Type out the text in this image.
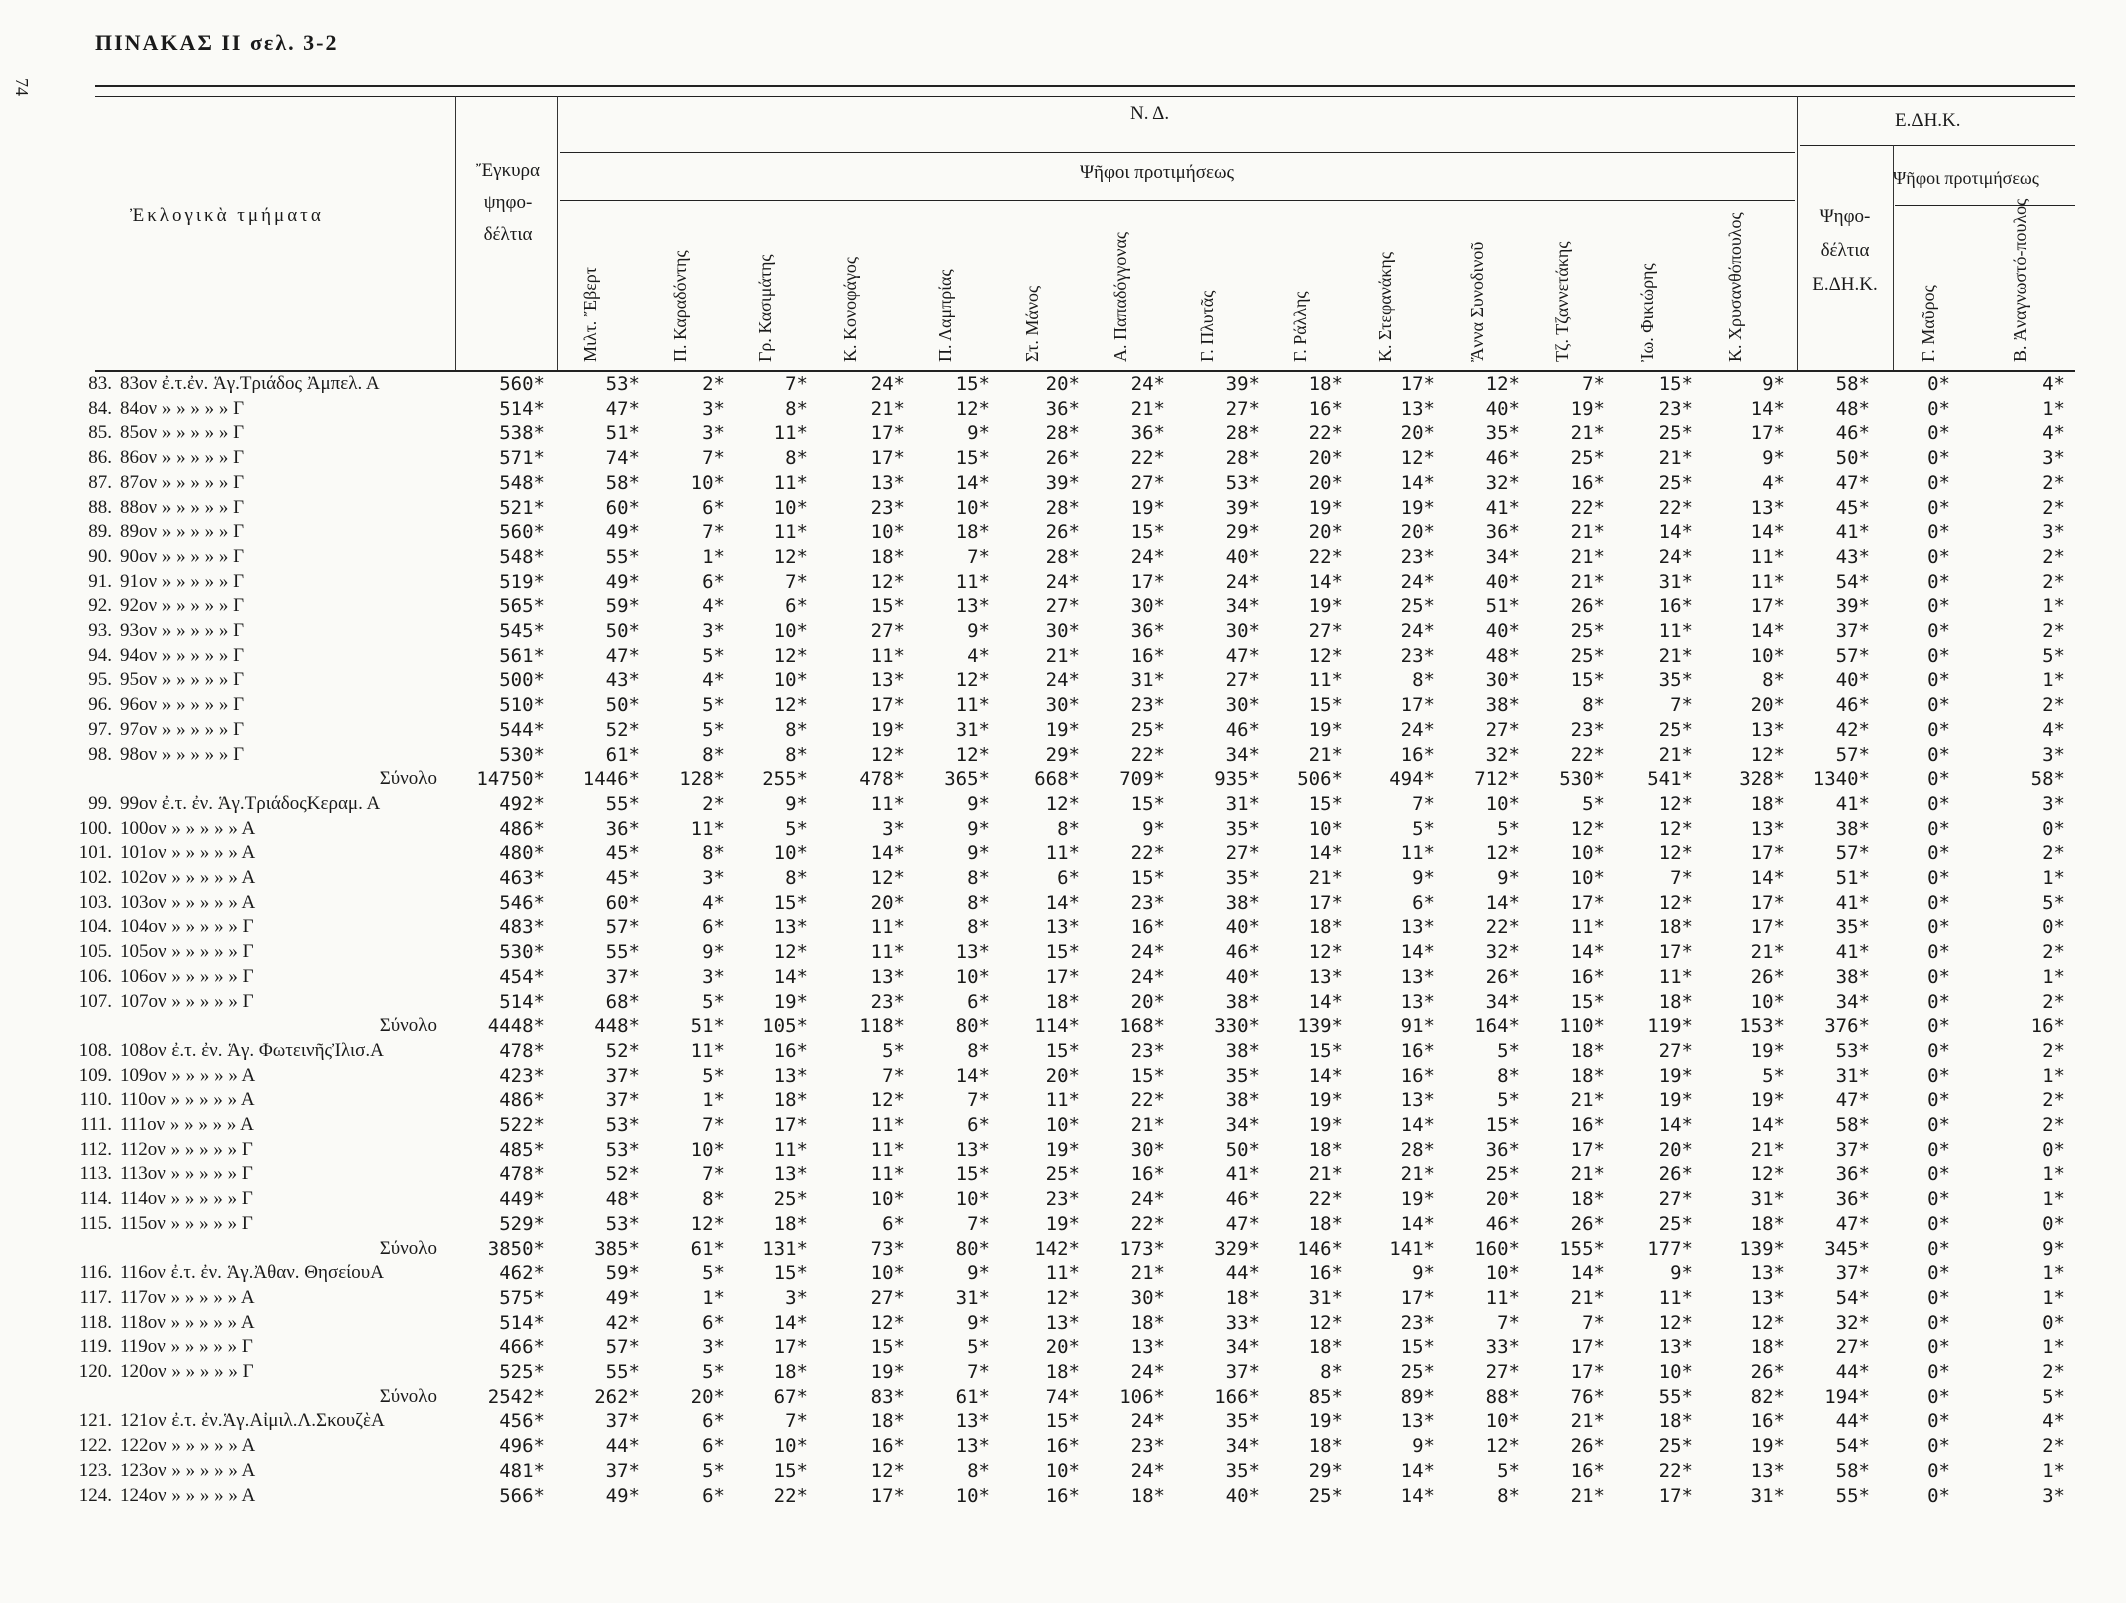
ΠΙΝΑΚΑΣ ΙΙ σελ. 3-2
74
Ἐκλογικὰ τμήματα
Ἔγκυρα ψηφο-δέλτια
Ν. Δ.
Ψῆφοι προτιμήσεως
Ε.ΔΗ.Κ.
Ψηφο-δέλτια Ε.ΔΗ.Κ.
Ψῆφοι προτιμήσεως
Μιλτ. Ἔβερτ	Π. Καραδόντης	Γρ. Κασιμάτης	Κ. Κονοφάγος	Π. Λαμπρίας	Στ. Μάνος	Α. Παπαδόγγονας	Γ. Πλυτᾶς	Γ. Ράλλης	Κ. Στεφανάκης	Ἄννα Συνοδινοῦ	Τζ. Τζαννετάκης	Ἰω. Φικιώρης	Κ. Χρυσανθόπουλος	Γ. Μαῦρος	Β. Ἀναγνωστό-πουλος
83. 83ον ἐ.τ.ἐν. Ἁγ.Τριάδος Ἀμπελ. Α	560*	53*	2*	7*	24*	15*	20*	24*	39*	18*	17*	12*	7*	15*	9*	58*	0*	4*
84. 84ον » » » » » Γ	514*	47*	3*	8*	21*	12*	36*	21*	27*	16*	13*	40*	19*	23*	14*	48*	0*	1*
85. 85ον » » » » » Γ	538*	51*	3*	11*	17*	9*	28*	36*	28*	22*	20*	35*	21*	25*	17*	46*	0*	4*
86. 86ον » » » » » Γ	571*	74*	7*	8*	17*	15*	26*	22*	28*	20*	12*	46*	25*	21*	9*	50*	0*	3*
87. 87ον » » » » » Γ	548*	58*	10*	11*	13*	14*	39*	27*	53*	20*	14*	32*	16*	25*	4*	47*	0*	2*
88. 88ον » » » » » Γ	521*	60*	6*	10*	23*	10*	28*	19*	39*	19*	19*	41*	22*	22*	13*	45*	0*	2*
89. 89ον » » » » » Γ	560*	49*	7*	11*	10*	18*	26*	15*	29*	20*	20*	36*	21*	14*	14*	41*	0*	3*
90. 90ον » » » » » Γ	548*	55*	1*	12*	18*	7*	28*	24*	40*	22*	23*	34*	21*	24*	11*	43*	0*	2*
91. 91ον » » » » » Γ	519*	49*	6*	7*	12*	11*	24*	17*	24*	14*	24*	40*	21*	31*	11*	54*	0*	2*
92. 92ον » » » » » Γ	565*	59*	4*	6*	15*	13*	27*	30*	34*	19*	25*	51*	26*	16*	17*	39*	0*	1*
93. 93ον » » » » » Γ	545*	50*	3*	10*	27*	9*	30*	36*	30*	27*	24*	40*	25*	11*	14*	37*	0*	2*
94. 94ον » » » » » Γ	561*	47*	5*	12*	11*	4*	21*	16*	47*	12*	23*	48*	25*	21*	10*	57*	0*	5*
95. 95ον » » » » » Γ	500*	43*	4*	10*	13*	12*	24*	31*	27*	11*	8*	30*	15*	35*	8*	40*	0*	1*
96. 96ον » » » » » Γ	510*	50*	5*	12*	17*	11*	30*	23*	30*	15*	17*	38*	8*	7*	20*	46*	0*	2*
97. 97ον » » » » » Γ	544*	52*	5*	8*	19*	31*	19*	25*	46*	19*	24*	27*	23*	25*	13*	42*	0*	4*
98. 98ον » » » » » Γ	530*	61*	8*	8*	12*	12*	29*	22*	34*	21*	16*	32*	22*	21*	12*	57*	0*	3*
Σύνολο	14750*	1446*	128*	255*	478*	365*	668*	709*	935*	506*	494*	712*	530*	541*	328*	1340*	0*	58*
99. 99ον ἐ.τ. ἐν. Ἁγ.ΤριάδοςΚεραμ. Α	492*	55*	2*	9*	11*	9*	12*	15*	31*	15*	7*	10*	5*	12*	18*	41*	0*	3*
100. 100ον » » » » » Α	486*	36*	11*	5*	3*	9*	8*	9*	35*	10*	5*	5*	12*	12*	13*	38*	0*	0*
101. 101ον » » » » » Α	480*	45*	8*	10*	14*	9*	11*	22*	27*	14*	11*	12*	10*	12*	17*	57*	0*	2*
102. 102ον » » » » » Α	463*	45*	3*	8*	12*	8*	6*	15*	35*	21*	9*	9*	10*	7*	14*	51*	0*	1*
103. 103ον » » » » » Α	546*	60*	4*	15*	20*	8*	14*	23*	38*	17*	6*	14*	17*	12*	17*	41*	0*	5*
104. 104ον » » » » » Γ	483*	57*	6*	13*	11*	8*	13*	16*	40*	18*	13*	22*	11*	18*	17*	35*	0*	0*
105. 105ον » » » » » Γ	530*	55*	9*	12*	11*	13*	15*	24*	46*	12*	14*	32*	14*	17*	21*	41*	0*	2*
106. 106ον » » » » » Γ	454*	37*	3*	14*	13*	10*	17*	24*	40*	13*	13*	26*	16*	11*	26*	38*	0*	1*
107. 107ον » » » » » Γ	514*	68*	5*	19*	23*	6*	18*	20*	38*	14*	13*	34*	15*	18*	10*	34*	0*	2*
Σύνολο	4448*	448*	51*	105*	118*	80*	114*	168*	330*	139*	91*	164*	110*	119*	153*	376*	0*	16*
108. 108ον ἐ.τ. ἐν. Ἁγ. ΦωτεινῆςἸλισ.Α	478*	52*	11*	16*	5*	8*	15*	23*	38*	15*	16*	5*	18*	27*	19*	53*	0*	2*
109. 109ον » » » » » Α	423*	37*	5*	13*	7*	14*	20*	15*	35*	14*	16*	8*	18*	19*	5*	31*	0*	1*
110. 110ον » » » » » Α	486*	37*	1*	18*	12*	7*	11*	22*	38*	19*	13*	5*	21*	19*	19*	47*	0*	2*
111. 111ον » » » » » Α	522*	53*	7*	17*	11*	6*	10*	21*	34*	19*	14*	15*	16*	14*	14*	58*	0*	2*
112. 112ον » » » » » Γ	485*	53*	10*	11*	11*	13*	19*	30*	50*	18*	28*	36*	17*	20*	21*	37*	0*	0*
113. 113ον » » » » » Γ	478*	52*	7*	13*	11*	15*	25*	16*	41*	21*	21*	25*	21*	26*	12*	36*	0*	1*
114. 114ον » » » » » Γ	449*	48*	8*	25*	10*	10*	23*	24*	46*	22*	19*	20*	18*	27*	31*	36*	0*	1*
115. 115ον » » » » » Γ	529*	53*	12*	18*	6*	7*	19*	22*	47*	18*	14*	46*	26*	25*	18*	47*	0*	0*
Σύνολο	3850*	385*	61*	131*	73*	80*	142*	173*	329*	146*	141*	160*	155*	177*	139*	345*	0*	9*
116. 116ον ἐ.τ. ἐν. Ἁγ.Ἀθαν. ΘησείουΑ	462*	59*	5*	15*	10*	9*	11*	21*	44*	16*	9*	10*	14*	9*	13*	37*	0*	1*
117. 117ον » » » » » Α	575*	49*	1*	3*	27*	31*	12*	30*	18*	31*	17*	11*	21*	11*	13*	54*	0*	1*
118. 118ον » » » » » Α	514*	42*	6*	14*	12*	9*	13*	18*	33*	12*	23*	7*	7*	12*	12*	32*	0*	0*
119. 119ον » » » » » Γ	466*	57*	3*	17*	15*	5*	20*	13*	34*	18*	15*	33*	17*	13*	18*	27*	0*	1*
120. 120ον » » » » » Γ	525*	55*	5*	18*	19*	7*	18*	24*	37*	8*	25*	27*	17*	10*	26*	44*	0*	2*
Σύνολο	2542*	262*	20*	67*	83*	61*	74*	106*	166*	85*	89*	88*	76*	55*	82*	194*	0*	5*
121. 121ον ἐ.τ. ἐν.Ἁγ.Αἰμιλ.Λ.ΣκουζὲΑ	456*	37*	6*	7*	18*	13*	15*	24*	35*	19*	13*	10*	21*	18*	16*	44*	0*	4*
122. 122ον » » » » » Α	496*	44*	6*	10*	16*	13*	16*	23*	34*	18*	9*	12*	26*	25*	19*	54*	0*	2*
123. 123ον » » » » » Α	481*	37*	5*	15*	12*	8*	10*	24*	35*	29*	14*	5*	16*	22*	13*	58*	0*	1*
124. 124ον » » » » » Α	566*	49*	6*	22*	17*	10*	16*	18*	40*	25*	14*	8*	21*	17*	31*	55*	0*	3*
